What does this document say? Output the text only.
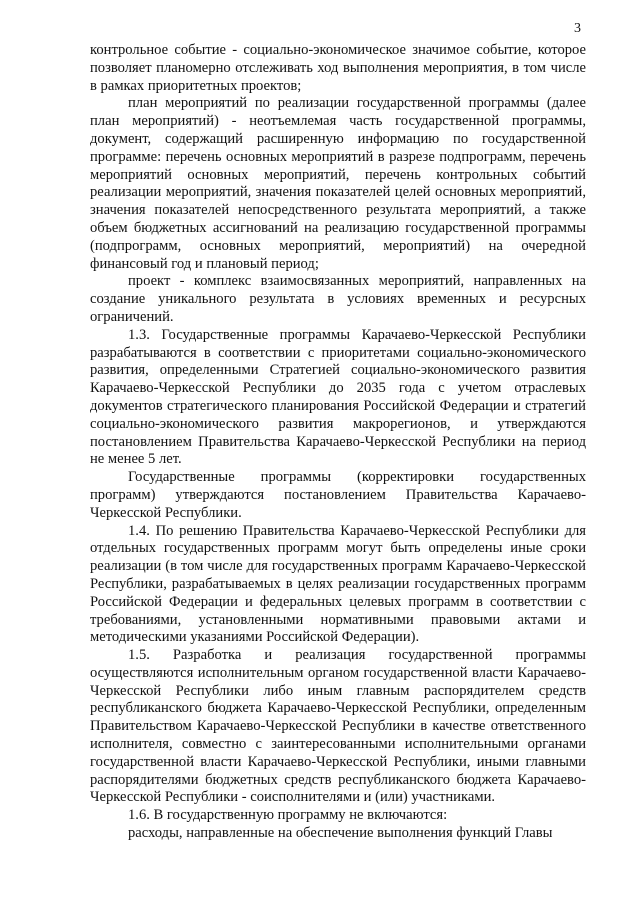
3

контрольное событие - социально-экономическое значимое событие, которое позволяет планомерно отслеживать ход выполнения мероприятия, в том числе в рамках приоритетных проектов;

план мероприятий по реализации государственной программы (далее план мероприятий) - неотъемлемая часть государственной программы, документ, содержащий расширенную информацию по государственной программе: перечень основных мероприятий в разрезе подпрограмм, перечень мероприятий основных мероприятий, перечень контрольных событий реализации мероприятий, значения показателей целей основных мероприятий, значения показателей непосредственного результата мероприятий, а также объем бюджетных ассигнований на реализацию государственной программы (подпрограмм, основных мероприятий, мероприятий) на очередной финансовый год и плановый период;

проект - комплекс взаимосвязанных мероприятий, направленных на создание уникального результата в условиях временных и ресурсных ограничений.

1.3. Государственные программы Карачаево-Черкесской Республики разрабатываются в соответствии с приоритетами социально-экономического развития, определенными Стратегией социально-экономического развития Карачаево-Черкесской Республики до 2035 года с учетом отраслевых документов стратегического планирования Российской Федерации и стратегий социально-экономического развития макрорегионов, и утверждаются постановлением Правительства Карачаево-Черкесской Республики на период не менее 5 лет.

Государственные программы (корректировки государственных программ) утверждаются постановлением Правительства Карачаево-Черкесской Республики.

1.4. По решению Правительства Карачаево-Черкесской Республики для отдельных государственных программ могут быть определены иные сроки реализации (в том числе для государственных программ Карачаево-Черкесской Республики, разрабатываемых в целях реализации государственных программ Российской Федерации и федеральных целевых программ в соответствии с требованиями, установленными нормативными правовыми актами и методическими указаниями Российской Федерации).

1.5. Разработка и реализация государственной программы осуществляются исполнительным органом государственной власти Карачаево-Черкесской Республики либо иным главным распорядителем средств республиканского бюджета Карачаево-Черкесской Республики, определенным Правительством Карачаево-Черкесской Республики в качестве ответственного исполнителя, совместно с заинтересованными исполнительными органами государственной власти Карачаево-Черкесской Республики, иными главными распорядителями бюджетных средств республиканского бюджета Карачаево-Черкесской Республики - соисполнителями и (или) участниками.

1.6. В государственную программу не включаются:

расходы, направленные на обеспечение выполнения функций Главы
